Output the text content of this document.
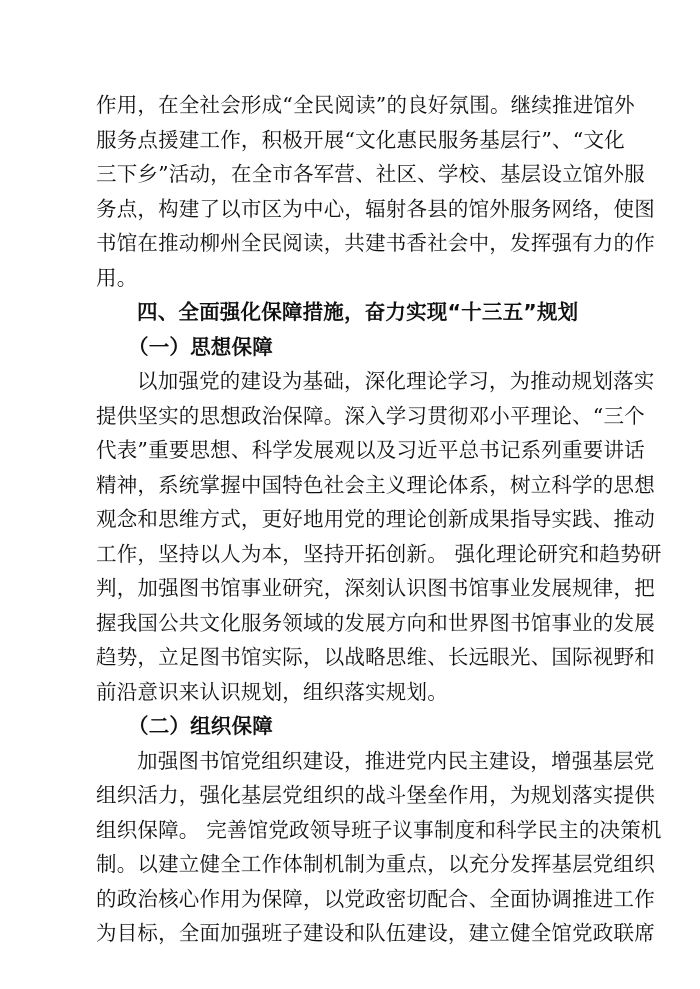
作用，在全社会形成“全民阅读”的良好氛围。继续推进馆外
服务点援建工作，积极开展“文化惠民服务基层行”、“文化
三下乡”活动，在全市各军营、社区、学校、基层设立馆外服
务点，构建了以市区为中心，辐射各县的馆外服务网络，使图
书馆在推动柳州全民阅读，共建书香社会中，发挥强有力的作
用。
四、全面强化保障措施，奋力实现“十三五”规划
（一）思想保障
以加强党的建设为基础，深化理论学习，为推动规划落实
提供坚实的思想政治保障。深入学习贯彻邓小平理论、“三个
代表”重要思想、科学发展观以及习近平总书记系列重要讲话
精神，系统掌握中国特色社会主义理论体系，树立科学的思想
观念和思维方式，更好地用党的理论创新成果指导实践、推动
工作，坚持以人为本，坚持开拓创新。 强化理论研究和趋势研
判，加强图书馆事业研究，深刻认识图书馆事业发展规律，把
握我国公共文化服务领域的发展方向和世界图书馆事业的发展
趋势，立足图书馆实际，以战略思维、长远眼光、国际视野和
前沿意识来认识规划，组织落实规划。
（二）组织保障
加强图书馆党组织建设，推进党内民主建设，增强基层党
组织活力，强化基层党组织的战斗堡垒作用，为规划落实提供
组织保障。 完善馆党政领导班子议事制度和科学民主的决策机
制。以建立健全工作体制机制为重点，以充分发挥基层党组织
的政治核心作用为保障，以党政密切配合、全面协调推进工作
为目标，全面加强班子建设和队伍建设，建立健全馆党政联席
